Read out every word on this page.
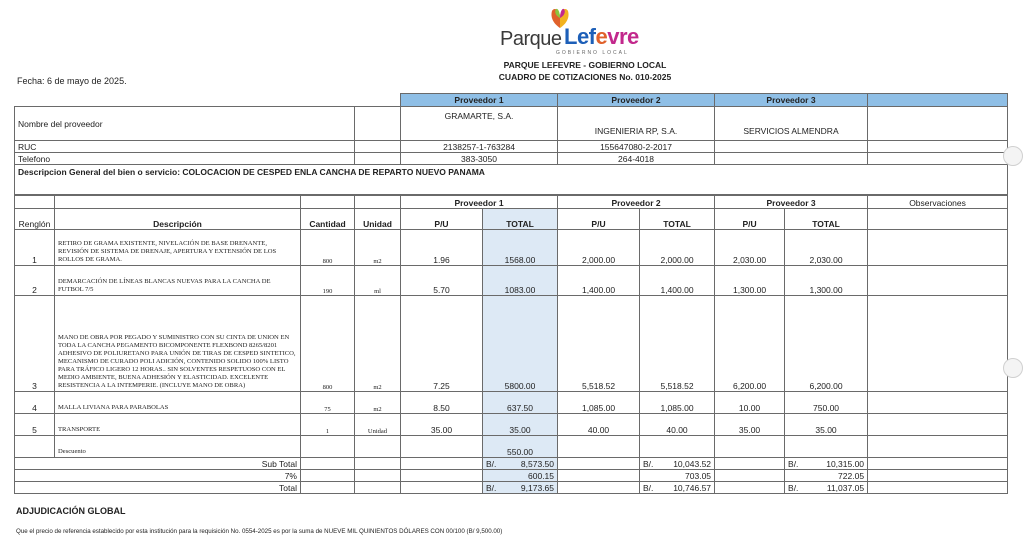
Parque Lefevre
GOBIERNO LOCAL
PARQUE LEFEVRE - GOBIERNO LOCAL
CUADRO DE COTIZACIONES No. 010-2025
Fecha: 6 de mayo de 2025.
		Proveedor 1	Proveedor 2	Proveedor 3	
Nombre del proveedor		GRAMARTE, S.A.	INGENIERIA RP, S.A.	SERVICIOS ALMENDRA	
RUC		2138257-1-763284	155647080-2-2017		
Telefono		383-3050	264-4018		
Descripcion General del bien o servicio: COLOCACION DE CESPED ENLA CANCHA DE REPARTO NUEVO PANAMA					
				Proveedor 1		Proveedor 2		Proveedor 3		Observaciones
Renglón	Descripción	Cantidad	Unidad	P/U	TOTAL	P/U	TOTAL	P/U	TOTAL	
1	RETIRO DE GRAMA EXISTENTE, NIVELACIÓN DE BASE DRENANTE, REVISIÓN DE SISTEMA DE DRENAJE, APERTURA Y EXTENSIÓN DE LOS ROLLOS DE GRAMA.	800	m2	1.96	1568.00	2,000.00	2,000.00	2,030.00	2,030.00	
2	DEMARCACIÓN DE LÍNEAS BLANCAS NUEVAS PARA LA CANCHA DE FUTBOL 7/5	190	ml	5.70	1083.00	1,400.00	1,400.00	1,300.00	1,300.00	
3	MANO DE OBRA POR PEGADO Y SUMINISTRO CON SU CINTA DE UNION EN TODA LA CANCHA PEGAMENTO BICOMPONENTE FLEXBOND 8265/8201 ADHESIVO DE POLIURETANO PARA UNIÓN DE TIRAS DE CESPED SINTETICO, MECANISMO DE CURADO POLI ADICIÓN, CONTENIDO SOLIDO 100% LISTO PARA TRÁFICO LIGERO 12 HORAS.. SIN SOLVENTES RESPETUOSO CON EL MEDIO AMBIENTE, BUENA ADHESIÓN Y ELASTICIDAD. EXCELENTE RESISTENCIA A LA INTEMPERIE. (INCLUYE MANO DE OBRA)	800	m2	7.25	5800.00	5,518.52	5,518.52	6,200.00	6,200.00	
4	MALLA LIVIANA PARA PARABOLAS	75	m2	8.50	637.50	1,085.00	1,085.00	10.00	750.00	
5	TRANSPORTE	1	Unidad	35.00	35.00	40.00	40.00	35.00	35.00	
	Descuento				550.00					
Sub Total					B/. 8,573.50		B/. 10,043.52		B/. 10,315.00	

7%					600.15		703.05		722.05	
Total					B/. 9,173.65		B/. 10,746.57		B/. 11,037.05	

ADJUDICACIÓN GLOBAL
Que el precio de referencia establecido por esta institución para la requisición No. 0554-2025 es por la suma de NUEVE MIL QUINIENTOS DÓLARES CON 00/100 (B/ 9,500.00)
